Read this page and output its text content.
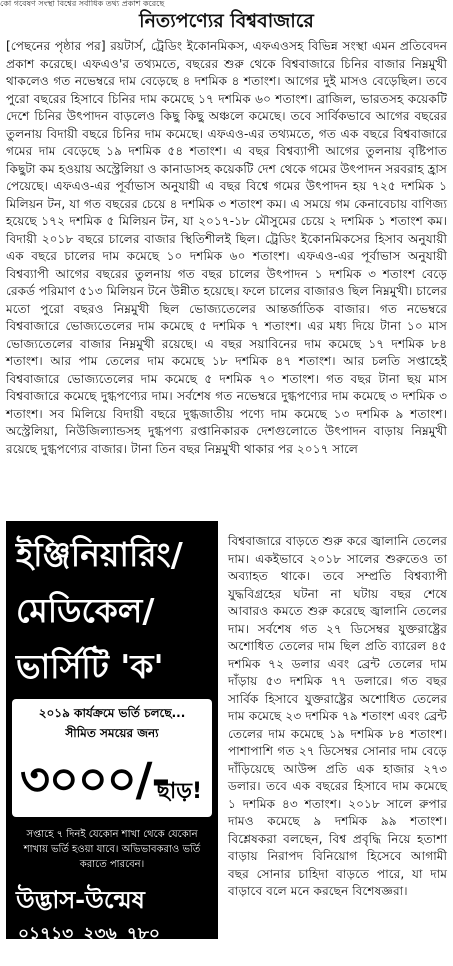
কো গবেষণ সংস্থা বিশ্বের সর্বাধিক তথ্য প্রকাশ করেছে
নিত্যপণ্যের বিশ্ববাজারে

[পেছনের পৃষ্ঠার পর] রয়টার্স, ট্রেডিং ইকোনমিকস, এফএওসহ বিভিন্ন সংস্থা এমন প্রতিবেদন প্রকাশ করেছে। এফএও'র তথ্যমতে, বছরের শুরু থেকে বিশ্ববাজারে চিনির বাজার নিম্নমুখী থাকলেও গত নভেম্বরে দাম বেড়েছে ৪ দশমিক ৪ শতাংশ। আগের দুই মাসও বেড়েছিল। তবে পুরো বছরের হিসাবে চিনির দাম কমেছে ১৭ দশমিক ৬০ শতাংশ। ব্রাজিল, ভারতসহ কয়েকটি দেশে চিনির উৎপাদন বাড়লেও কিছু কিছু অঞ্চলে কমেছে। তবে সার্বিকভাবে আগের বছরের তুলনায় বিদায়ী বছরে চিনির দাম কমেছে। এফএও-এর তথ্যমতে, গত এক বছরে বিশ্ববাজারে গমের দাম বেড়েছে ১৯ দশমিক ৫৪ শতাংশ। এ বছর বিশ্বব্যাপী আগের তুলনায় বৃষ্টিপাত কিছুটা কম হওয়ায় অস্ট্রেলিয়া ও কানাডাসহ কয়েকটি দেশ থেকে গমের উৎপাদন সরবরাহ হ্রাস পেয়েছে। এফএও-এর পূর্বাভাস অনুযায়ী এ বছর বিশ্বে গমের উৎপাদন হয় ৭২৫ দশমিক ১ মিলিয়ন টন, যা গত বছরের চেয়ে ৪ দশমিক ৩ শতাংশ কম। এ সময়ে গম কেনাবেচায় বাণিজ্য হয়েছে ১৭২ দশমিক ৫ মিলিয়ন টন, যা ২০১৭-১৮ মৌসুমের চেয়ে ২ দশমিক ১ শতাংশ কম। বিদায়ী ২০১৮ বছরে চালের বাজার স্থিতিশীলই ছিল। ট্রেডিং ইকোনমিকসের হিসাব অনুযায়ী এক বছরে চালের দাম কমেছে ১০ দশমিক ৬০ শতাংশ। এফএও-এর পূর্বাভাস অনুযায়ী বিশ্বব্যাপী আগের বছরের তুলনায় গত বছর চালের উৎপাদন ১ দশমিক ৩ শতাংশ বেড়ে রেকর্ড পরিমাণ ৫১৩ মিলিয়ন টনে উন্নীত হয়েছে। ফলে চালের বাজারও ছিল নিম্নমুখী। চালের মতো পুরো বছরও নিম্নমুখী ছিল ভোজ্যতেলের আন্তর্জাতিক বাজার। গত নভেম্বরে বিশ্ববাজারে ভোজ্যতেলের দাম কমেছে ৫ দশমিক ৭ শতাংশ। এর মধ্য দিয়ে টানা ১০ মাস ভোজ্যতেলের বাজার নিম্নমুখী রয়েছে। এ বছর সয়াবিনের দাম কমেছে ১৭ দশমিক ৮৪ শতাংশ। আর পাম তেলের দাম কমেছে ১৮ দশমিক ৪৭ শতাংশ। আর চলতি সপ্তাহেই বিশ্ববাজারে ভোজ্যতেলের দাম কমেছে ৫ দশমিক ৭০ শতাংশ। গত বছর টানা ছয় মাস বিশ্ববাজারে কমেছে দুগ্ধপণ্যের দাম। সর্বশেষ গত নভেম্বরে দুগ্ধপণ্যের দাম কমেছে ৩ দশমিক ৩ শতাংশ। সব মিলিয়ে বিদায়ী বছরে দুগ্ধজাতীয় পণ্যে দাম কমেছে ১৩ দশমিক ৯ শতাংশ। অস্ট্রেলিয়া, নিউজিল্যান্ডসহ দুগ্ধপণ্য রপ্তানিকারক দেশগুলোতে উৎপাদন বাড়ায় নিম্নমুখী রয়েছে দুগ্ধপণ্যের বাজার। টানা তিন বছর নিম্নমুখী থাকার পর ২০১৭ সালে

ইঞ্জিনিয়ারিং/
মেডিকেল/
ভার্সিটি 'ক'
২০১৯ কার্যক্রমে ভর্তি চলছে...
সীমিত সময়ের জন্য
৩০০০/-
ছাড়!
সপ্তাহে ৭ দিনই যেকোন শাখা থেকে যেকোন শাখায় ভর্তি হওয়া যাবে। অভিভাবকরাও ভর্তি করাতে পারবেন।
উদ্ভাস-উন্মেষ
০১৭১৩ ২৩৬ ৭৮০
০১৭৮৭ ৬৮৭ ৫১৬

বিশ্ববাজারে বাড়তে শুরু করে জ্বালানি তেলের দাম। একইভাবে ২০১৮ সালের শুরুতেও তা অব্যাহত থাকে। তবে সম্প্রতি বিশ্বব্যাপী যুদ্ধবিগ্রহের ঘটনা না ঘটায় বছর শেষে আবারও কমতে শুরু করেছে জ্বালানি তেলের দাম। সর্বশেষ গত ২৭ ডিসেম্বর যুক্তরাষ্ট্রের অশোধিত তেলের দাম ছিল প্রতি ব্যারেল ৪৫ দশমিক ৭২ ডলার এবং ব্রেন্ট তেলের দাম দাঁড়ায় ৫৩ দশমিক ৭৭ ডলারে। গত বছর সার্বিক হিসাবে যুক্তরাষ্ট্রের অশোধিত তেলের দাম কমেছে ২৩ দশমিক ৭৯ শতাংশ এবং ব্রেন্ট তেলের দাম কমেছে ১৯ দশমিক ৮৪ শতাংশ। পাশাপাশি গত ২৭ ডিসেম্বর সোনার দাম বেড়ে দাঁড়িয়েছে আউন্স প্রতি এক হাজার ২৭৩ ডলার। তবে এক বছরের হিসাবে দাম কমেছে ১ দশমিক ৪৩ শতাংশ। ২০১৮ সালে রুপার দামও কমেছে ৯ দশমিক ৯৯ শতাংশ। বিশ্লেষকরা বলছেন, বিশ্ব প্রবৃদ্ধি নিয়ে হতাশা বাড়ায় নিরাপদ বিনিয়োগ হিসেবে আগামী বছর সোনার চাহিদা বাড়তে পারে, যা দাম বাড়াবে বলে মনে করছেন বিশেষজ্ঞরা।
